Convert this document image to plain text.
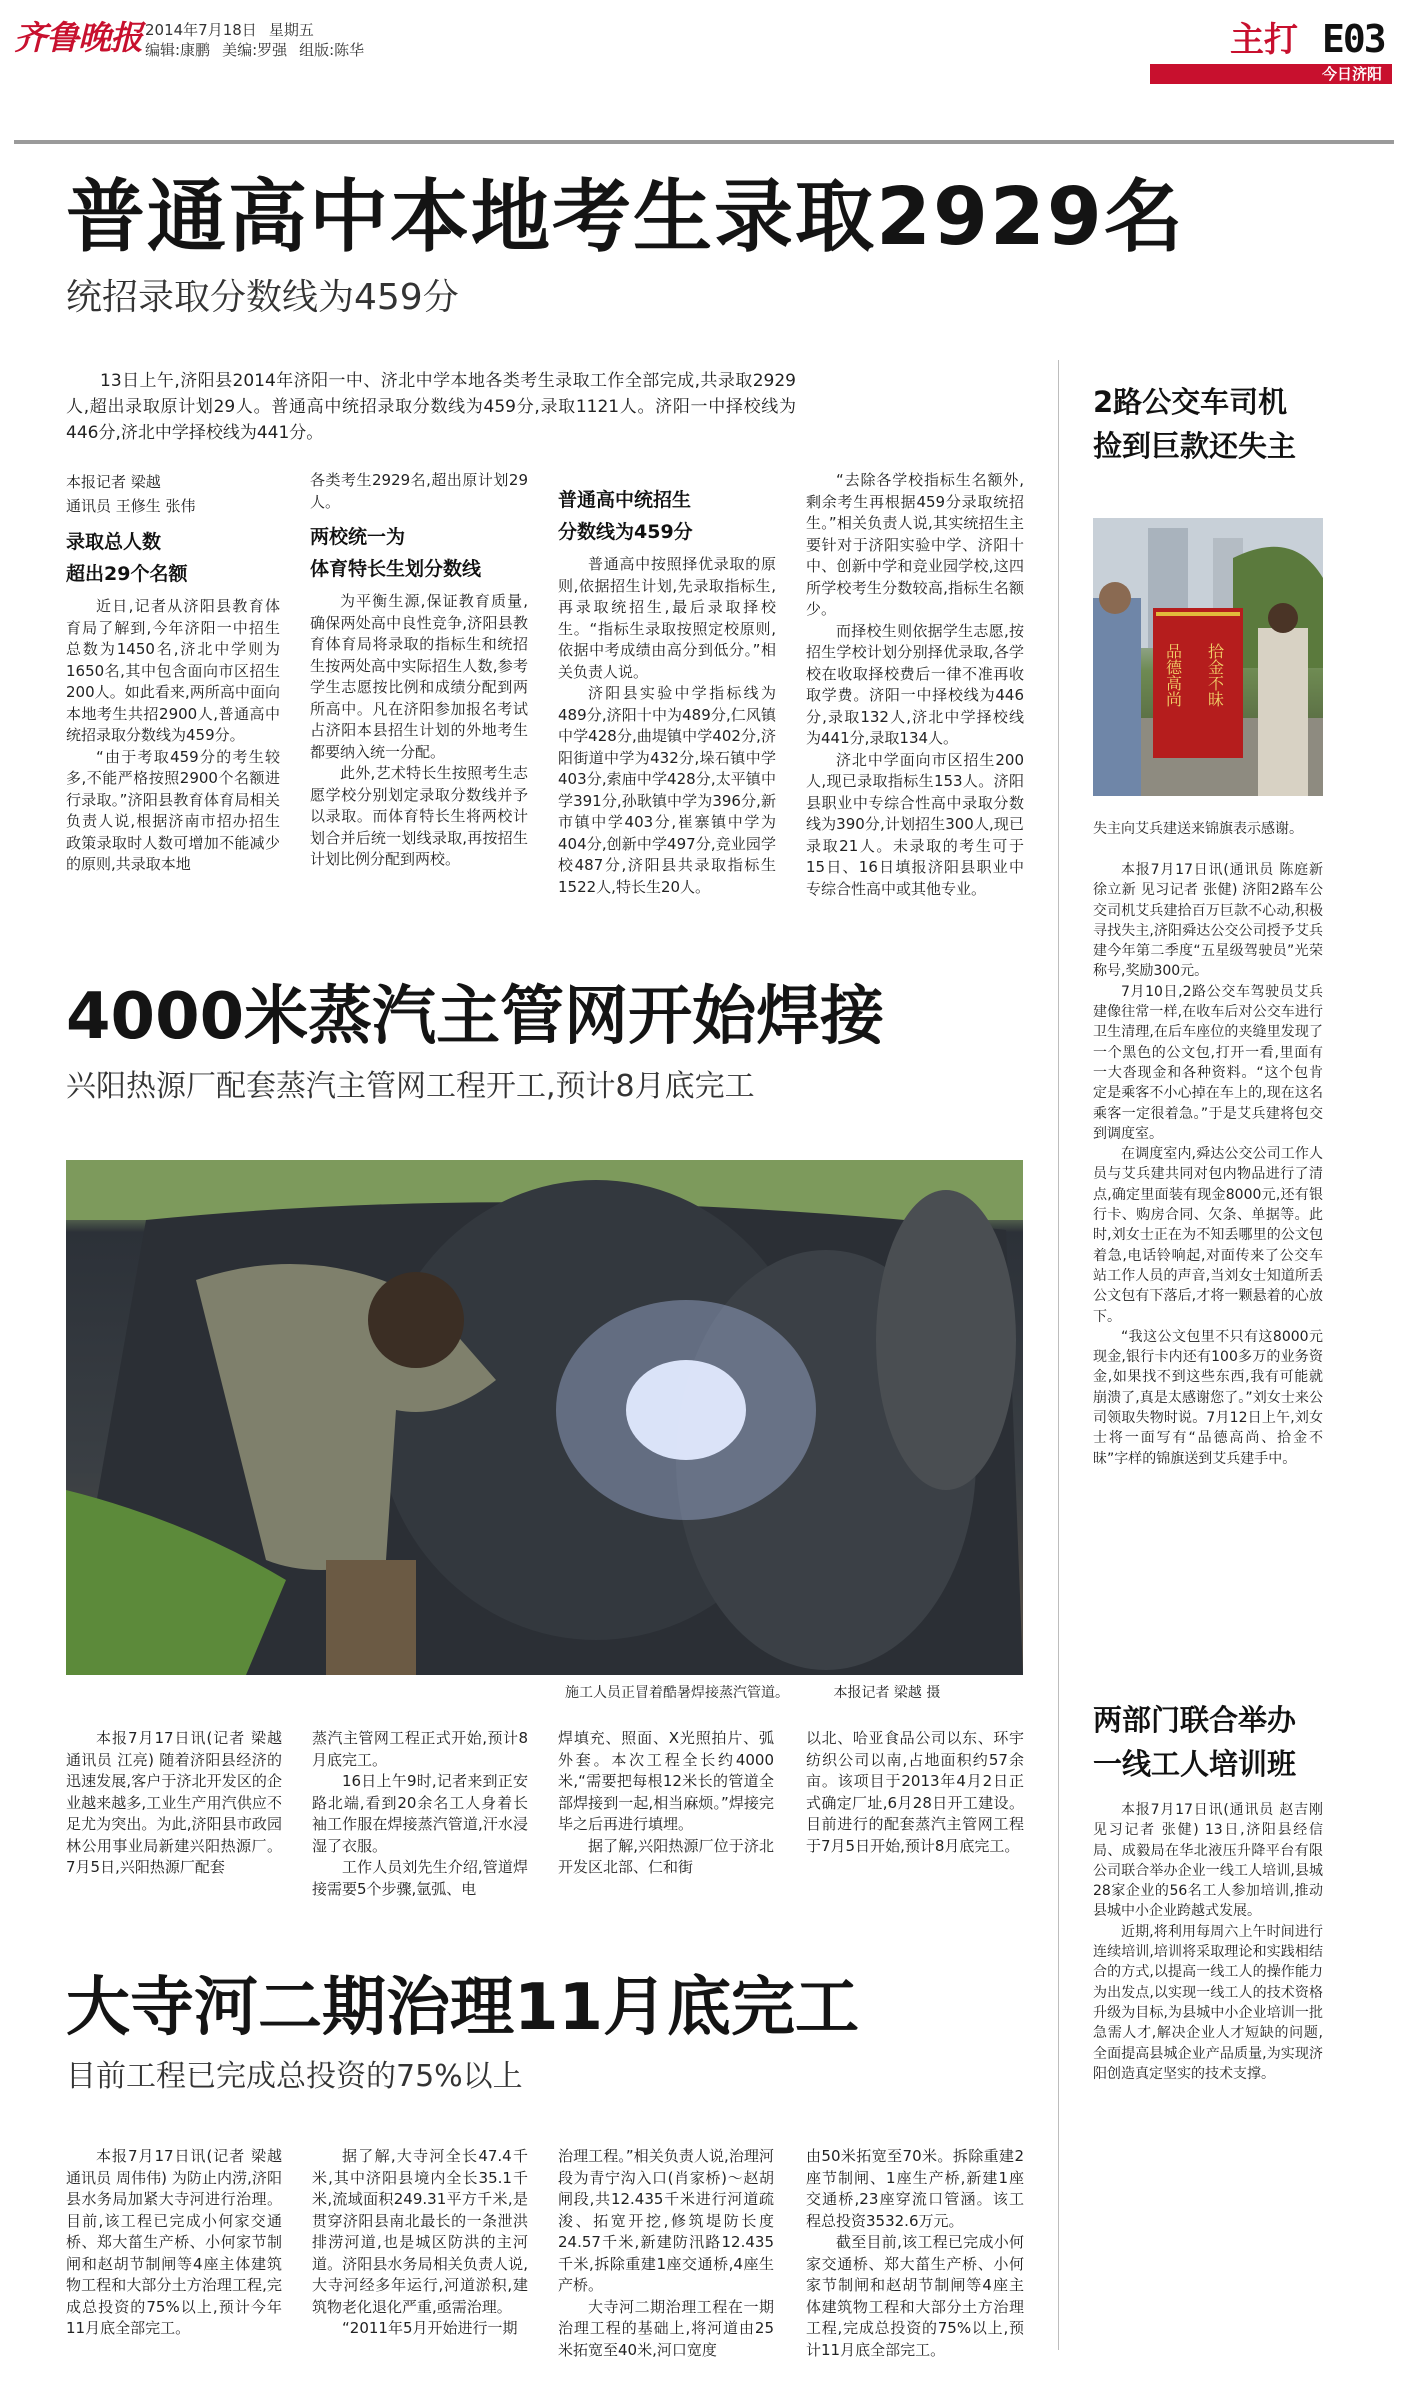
齐鲁晚报 2014年7月18日 星期五
编辑:康鹏 美编:罗强 组版:陈华	主打 E03
今日济阳
普通高中本地考生录取2929名
统招录取分数线为459分
13日上午,济阳县2014年济阳一中、济北中学本地各类考生录取工作全部完成,共录取2929人,超出录取原计划29人。普通高中统招录取分数线为459分,录取1121人。济阳一中择校线为446分,济北中学择校线为441分。
本报记者 梁越
通讯员 王修生 张伟
录取总人数
超出29个名额

近日,记者从济阳县教育体育局了解到,今年济阳一中招生总数为1450名,济北中学则为1650名,其中包含面向市区招生200人。如此看来,两所高中面向本地考生共招2900人,普通高中统招录取分数线为459分。

“由于考取459分的考生较多,不能严格按照2900个名额进行录取。”济阳县教育体育局相关负责人说,根据济南市招办招生政策录取时人数可增加不能减少的原则,共录取本地

各类考生2929名,超出原计划29人。

两校统一为
体育特长生划分数线

为平衡生源,保证教育质量,确保两处高中良性竞争,济阳县教育体育局将录取的指标生和统招生按两处高中实际招生人数,参考学生志愿按比例和成绩分配到两所高中。凡在济阳参加报名考试占济阳本县招生计划的外地考生都要纳入统一分配。

此外,艺术特长生按照考生志愿学校分别划定录取分数线并予以录取。而体育特长生将两校计划合并后统一划线录取,再按招生计划比例分配到两校。

普通高中统招生
分数线为459分

普通高中按照择优录取的原则,依据招生计划,先录取指标生,再录取统招生,最后录取择校生。“指标生录取按照定校原则,依据中考成绩由高分到低分。”相关负责人说。

济阳县实验中学指标线为489分,济阳十中为489分,仁风镇中学428分,曲堤镇中学402分,济阳街道中学为432分,垛石镇中学403分,索庙中学428分,太平镇中学391分,孙耿镇中学为396分,新市镇中学403分,崔寨镇中学为404分,创新中学497分,竞业园学校487分,济阳县共录取指标生1522人,特长生20人。

“去除各学校指标生名额外,剩余考生再根据459分录取统招生。”相关负责人说,其实统招生主要针对于济阳实验中学、济阳十中、创新中学和竞业园学校,这四所学校考生分数较高,指标生名额少。

而择校生则依据学生志愿,按招生学校计划分别择优录取,各学校在收取择校费后一律不准再收取学费。济阳一中择校线为446分,录取132人,济北中学择校线为441分,录取134人。

济北中学面向市区招生200人,现已录取指标生153人。济阳县职业中专综合性高中录取分数线为390分,计划招生300人,现已录取21人。未录取的考生可于15日、16日填报济阳县职业中专综合性高中或其他专业。

4000米蒸汽主管网开始焊接
兴阳热源厂配套蒸汽主管网工程开工,预计8月底完工
施工人员正冒着酷暑焊接蒸汽管道。	本报记者 梁越 摄

本报7月17日讯(记者 梁越 通讯员 江亮) 随着济阳县经济的迅速发展,客户于济北开发区的企业越来越多,工业生产用汽供应不足尤为突出。为此,济阳县市政园林公用事业局新建兴阳热源厂。7月5日,兴阳热源厂配套

蒸汽主管网工程正式开始,预计8月底完工。

16日上午9时,记者来到正安路北端,看到20余名工人身着长袖工作服在焊接蒸汽管道,汗水浸湿了衣服。

工作人员刘先生介绍,管道焊接需要5个步骤,氩弧、电

焊填充、照面、X光照拍片、弧外套。本次工程全长约4000米,“需要把每根12米长的管道全部焊接到一起,相当麻烦。”焊接完毕之后再进行填埋。

据了解,兴阳热源厂位于济北开发区北部、仁和街

以北、哈亚食品公司以东、环宇纺织公司以南,占地面积约57余亩。该项目于2013年4月2日正式确定厂址,6月28日开工建设。目前进行的配套蒸汽主管网工程于7月5日开始,预计8月底完工。

大寺河二期治理11月底完工
目前工程已完成总投资的75%以上

本报7月17日讯(记者 梁越 通讯员 周伟伟) 为防止内涝,济阳县水务局加紧大寺河进行治理。目前,该工程已完成小何家交通桥、郑大菑生产桥、小何家节制闸和赵胡节制闸等4座主体建筑物工程和大部分土方治理工程,完成总投资的75%以上,预计今年11月底全部完工。

据了解,大寺河全长47.4千米,其中济阳县境内全长35.1千米,流域面积249.31平方千米,是贯穿济阳县南北最长的一条泄洪排涝河道,也是城区防洪的主河道。济阳县水务局相关负责人说,大寺河经多年运行,河道淤积,建筑物老化退化严重,亟需治理。

“2011年5月开始进行一期

治理工程。”相关负责人说,治理河段为青宁沟入口(肖家桥)～赵胡闸段,共12.435千米进行河道疏浚、拓宽开挖,修筑堤防长度24.57千米,新建防汛路12.435千米,拆除重建1座交通桥,4座生产桥。

大寺河二期治理工程在一期治理工程的基础上,将河道由25米拓宽至40米,河口宽度

由50米拓宽至70米。拆除重建2座节制闸、1座生产桥,新建1座交通桥,23座穿流口管涵。该工程总投资3532.6万元。

截至目前,该工程已完成小何家交通桥、郑大菑生产桥、小何家节制闸和赵胡节制闸等4座主体建筑物工程和大部分土方治理工程,完成总投资的75%以上,预计11月底全部完工。

2路公交车司机
捡到巨款还失主
品德高尚 拾金不昧
失主向艾兵建送来锦旗表示感谢。

本报7月17日讯(通讯员 陈庭新 徐立新 见习记者 张健) 济阳2路车公交司机艾兵建拾百万巨款不心动,积极寻找失主,济阳舜达公交公司授予艾兵建今年第二季度“五星级驾驶员”光荣称号,奖励300元。

7月10日,2路公交车驾驶员艾兵建像往常一样,在收车后对公交车进行卫生清理,在后车座位的夹缝里发现了一个黑色的公文包,打开一看,里面有一大沓现金和各种资料。“这个包肯定是乘客不小心掉在车上的,现在这名乘客一定很着急。”于是艾兵建将包交到调度室。

在调度室内,舜达公交公司工作人员与艾兵建共同对包内物品进行了清点,确定里面装有现金8000元,还有银行卡、购房合同、欠条、单据等。此时,刘女士正在为不知丢哪里的公文包着急,电话铃响起,对面传来了公交车站工作人员的声音,当刘女士知道所丢公文包有下落后,才将一颗悬着的心放下。

“我这公文包里不只有这8000元现金,银行卡内还有100多万的业务资金,如果找不到这些东西,我有可能就崩溃了,真是太感谢您了。”刘女士来公司领取失物时说。7月12日上午,刘女士将一面写有“品德高尚、拾金不昧”字样的锦旗送到艾兵建手中。

两部门联合举办
一线工人培训班

本报7月17日讯(通讯员 赵吉刚 见习记者 张健) 13日,济阳县经信局、成毅局在华北液压升降平台有限公司联合举办企业一线工人培训,县城28家企业的56名工人参加培训,推动县城中小企业跨越式发展。

近期,将利用每周六上午时间进行连续培训,培训将采取理论和实践相结合的方式,以提高一线工人的操作能力为出发点,以实现一线工人的技术资格升级为目标,为县城中小企业培训一批急需人才,解决企业人才短缺的问题,全面提高县城企业产品质量,为实现济阳创造真定坚实的技术支撑。
